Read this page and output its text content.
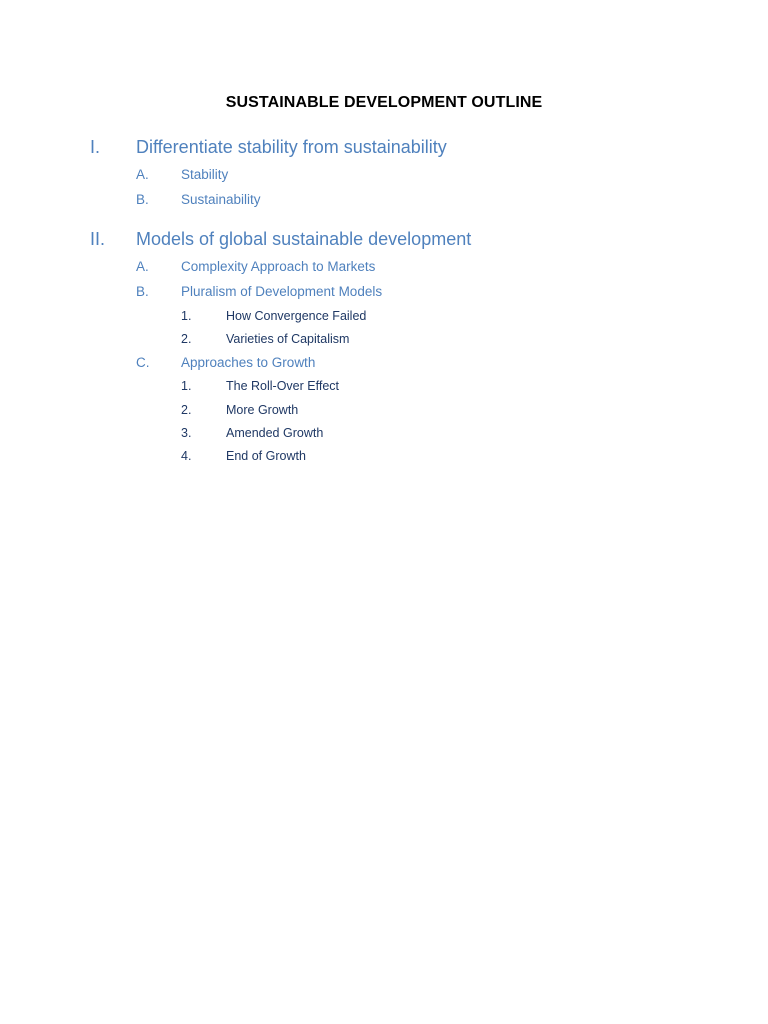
SUSTAINABLE DEVELOPMENT OUTLINE
I. Differentiate stability from sustainability
A. Stability
B. Sustainability
II. Models of global sustainable development
A. Complexity Approach to Markets
B. Pluralism of Development Models
1.	How Convergence Failed
2.	Varieties of Capitalism
C. Approaches to Growth
1.	The Roll-Over Effect
2.	More Growth
3.	Amended Growth
4.	End of Growth
